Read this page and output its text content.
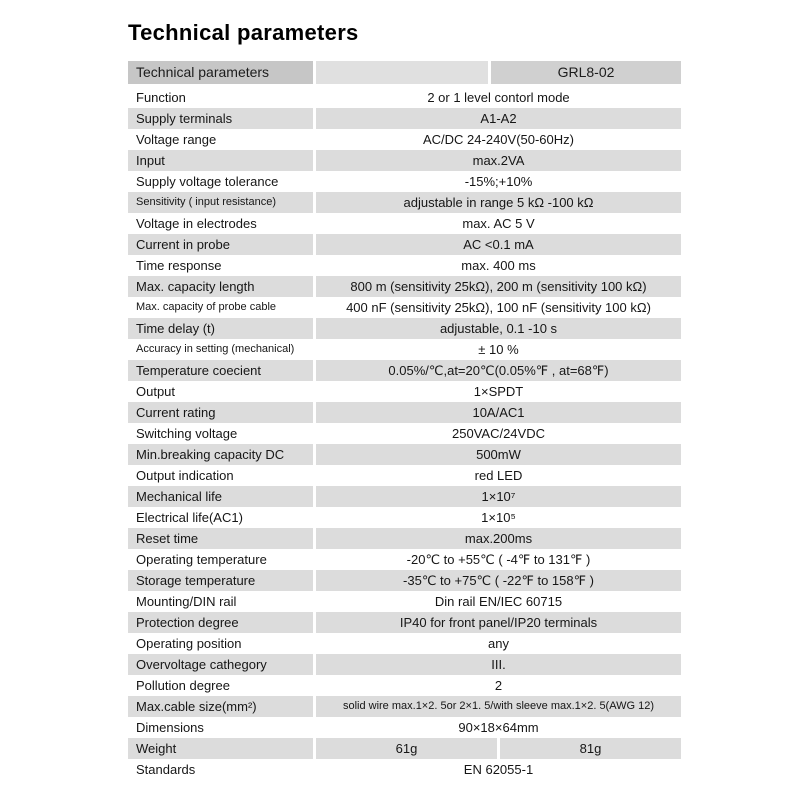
Technical parameters
Technical parameters	GRL8-02
Function	2 or 1 level contorl mode
Supply terminals	A1-A2
Voltage range	AC/DC 24-240V(50-60Hz)
Input	max.2VA
Supply voltage tolerance	-15%;+10%
Sensitivity ( input resistance)	adjustable in range 5 kΩ -100 kΩ
Voltage in electrodes	max. AC 5 V
Current in probe	AC <0.1 mA
Time response	max. 400 ms
Max. capacity length	800 m (sensitivity 25kΩ), 200 m (sensitivity 100 kΩ)
Max. capacity of probe cable	400 nF (sensitivity 25kΩ), 100 nF (sensitivity 100 kΩ)
Time delay (t)	adjustable, 0.1 -10 s
Accuracy in setting (mechanical)	± 10 %
Temperature coecient	0.05%/℃,at=20℃(0.05%℉ , at=68℉)
Output	1×SPDT
Current rating	10A/AC1
Switching voltage	250VAC/24VDC
Min.breaking capacity DC	500mW
Output indication	red LED
Mechanical life	1×10⁷
Electrical life(AC1)	1×10⁵
Reset time	max.200ms
Operating temperature	-20℃ to +55℃ ( -4℉ to 131℉ )
Storage temperature	-35℃ to +75℃ ( -22℉ to 158℉ )
Mounting/DIN rail	Din rail EN/IEC 60715
Protection degree	IP40 for front panel/IP20 terminals
Operating position	any
Overvoltage cathegory	III.
Pollution degree	2
Max.cable size(mm²)	solid wire max.1×2. 5or 2×1. 5/with sleeve max.1×2. 5(AWG 12)
Dimensions	90×18×64mm
Weight	61g	81g
Standards	EN 62055-1
